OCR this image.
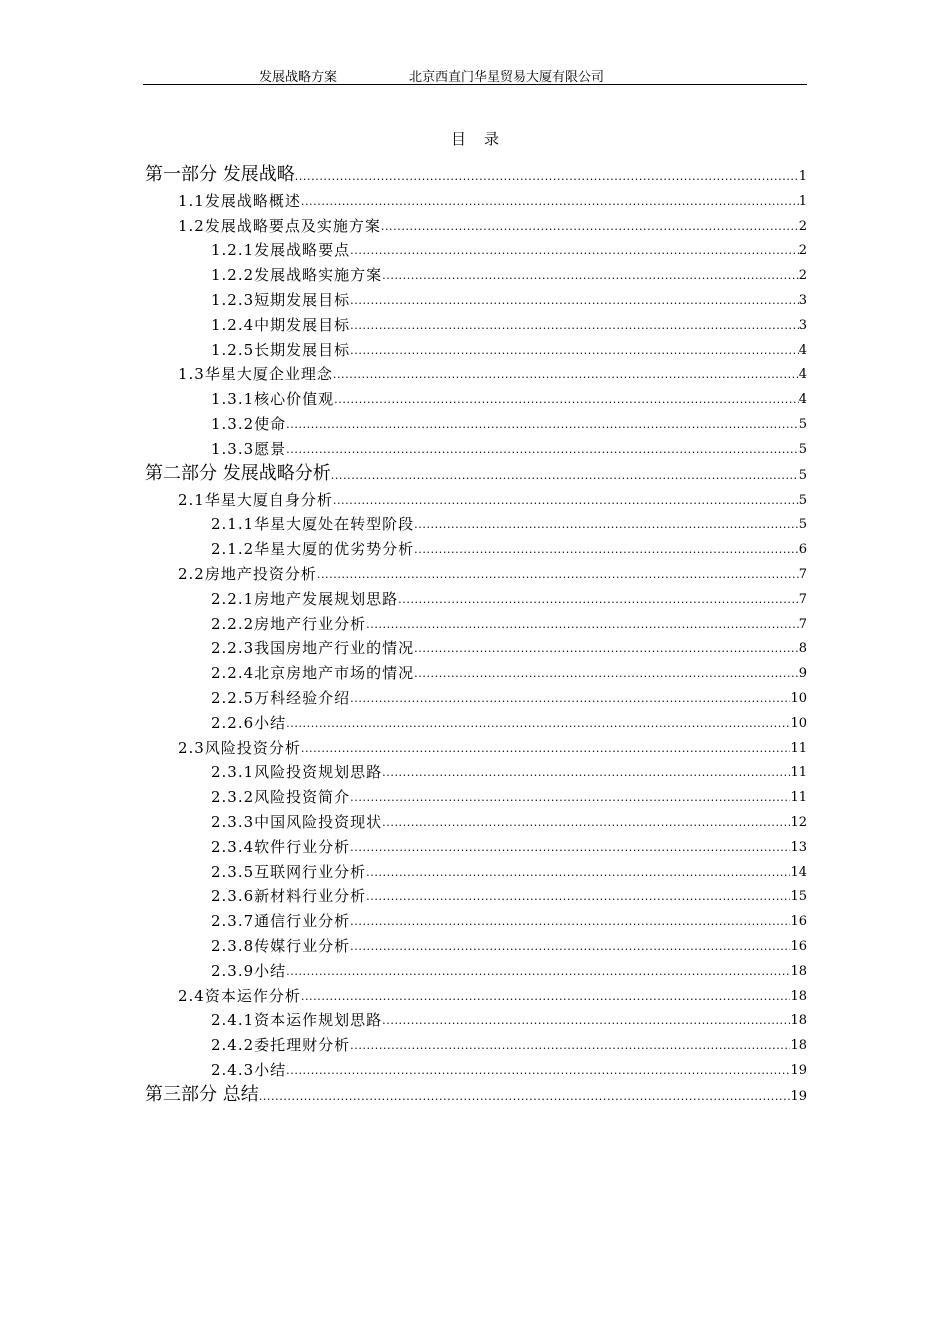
发展战略方案	北京西直门华星贸易大厦有限公司
目录
第一部分 发展战略 .....	1
1.1发展战略概述 .....	1
1.2发展战略要点及实施方案 .....	2
1.2.1发展战略要点 .....	2
1.2.2发展战略实施方案 .....	2
1.2.3短期发展目标 .....	3
1.2.4中期发展目标 .....	3
1.2.5长期发展目标 .....	4
1.3华星大厦企业理念 .....	4
1.3.1核心价值观 .....	4
1.3.2使命 .....	5
1.3.3愿景 .....	5
第二部分 发展战略分析 .....	5
2.1华星大厦自身分析 .....	5
2.1.1华星大厦处在转型阶段 .....	5
2.1.2华星大厦的优劣势分析 .....	6
2.2房地产投资分析 .....	7
2.2.1房地产发展规划思路 .....	7
2.2.2房地产行业分析 .....	7
2.2.3我国房地产行业的情况 .....	8
2.2.4北京房地产市场的情况 .....	9
2.2.5万科经验介绍 .....	10
2.2.6小结 .....	10
2.3风险投资分析 .....	11
2.3.1风险投资规划思路 .....	11
2.3.2风险投资简介 .....	11
2.3.3中国风险投资现状 .....	12
2.3.4软件行业分析 .....	13
2.3.5互联网行业分析 .....	14
2.3.6新材料行业分析 .....	15
2.3.7通信行业分析 .....	16
2.3.8传媒行业分析 .....	16
2.3.9小结 .....	18
2.4资本运作分析 .....	18
2.4.1资本运作规划思路 .....	18
2.4.2委托理财分析 .....	18
2.4.3小结 .....	19
第三部分 总结 .....	19
